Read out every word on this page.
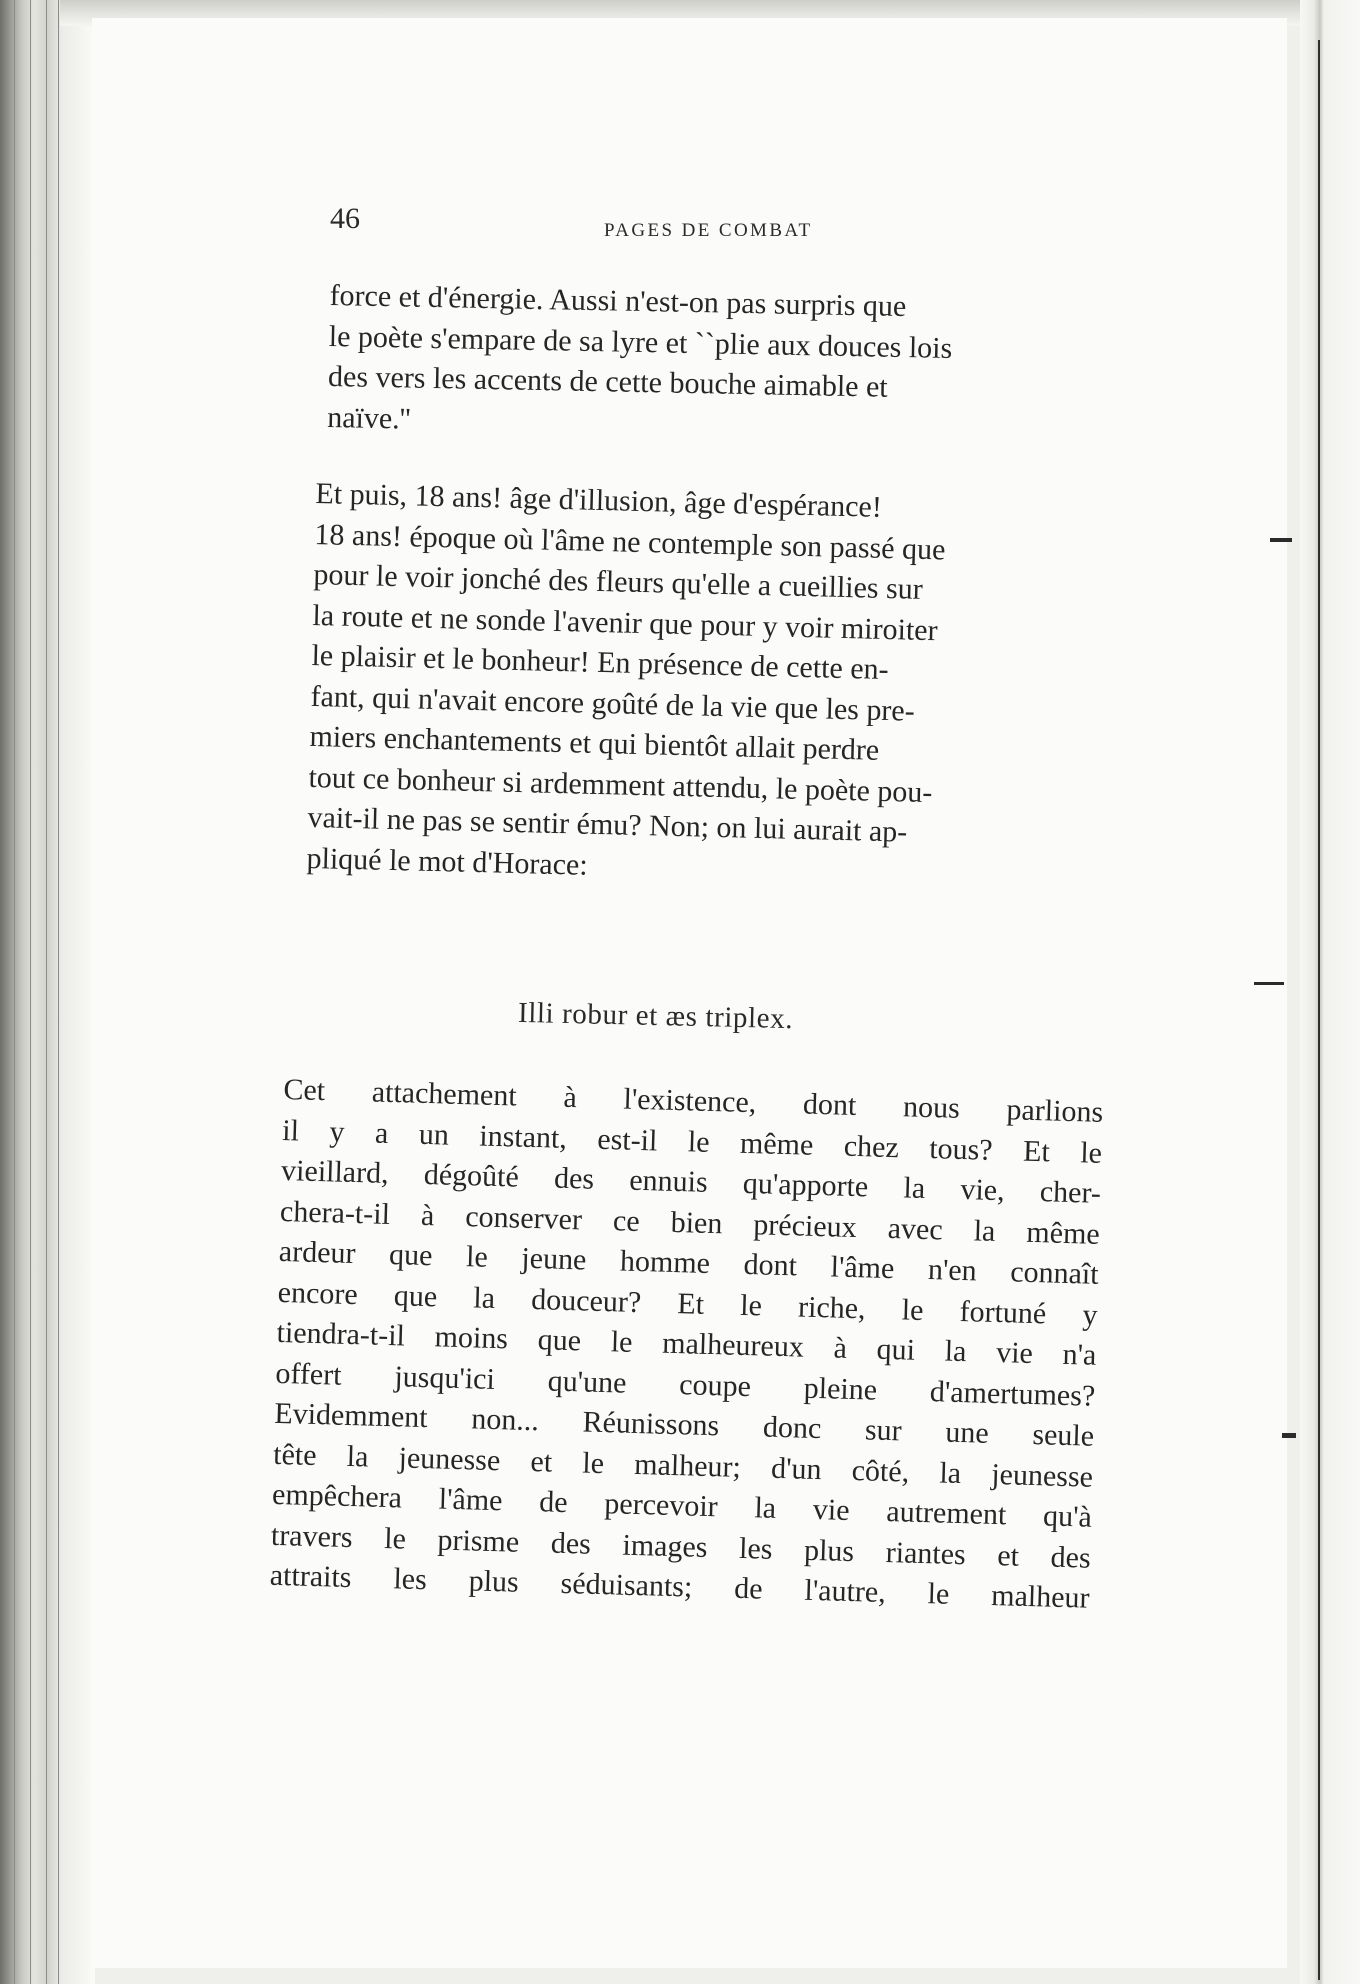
46	PAGES DE COMBAT
force et d'énergie. Aussi n'est-on pas surpris que
le poète s'empare de sa lyre et ``plie aux douces lois
des vers les accents de cette bouche aimable et
naïve.''
Et puis, 18 ans! âge d'illusion, âge d'espérance!
18 ans! époque où l'âme ne contemple son passé que
pour le voir jonché des fleurs qu'elle a cueillies sur
la route et ne sonde l'avenir que pour y voir miroiter
le plaisir et le bonheur! En présence de cette en-
fant, qui n'avait encore goûté de la vie que les pre-
miers enchantements et qui bientôt allait perdre
tout ce bonheur si ardemment attendu, le poète pou-
vait-il ne pas se sentir ému? Non; on lui aurait ap-
pliqué le mot d'Horace:
Illi robur et æs triplex.
Cet attachement à l'existence, dont nous parlions
il y a un instant, est-il le même chez tous? Et le
vieillard, dégoûté des ennuis qu'apporte la vie, cher-
chera-t-il à conserver ce bien précieux avec la même
ardeur que le jeune homme dont l'âme n'en connaît
encore que la douceur? Et le riche, le fortuné y
tiendra-t-il moins que le malheureux à qui la vie n'a
offert jusqu'ici qu'une coupe pleine d'amertumes?
Evidemment non... Réunissons donc sur une seule
tête la jeunesse et le malheur; d'un côté, la jeunesse
empêchera l'âme de percevoir la vie autrement qu'à
travers le prisme des images les plus riantes et des
attraits les plus séduisants; de l'autre, le malheur
